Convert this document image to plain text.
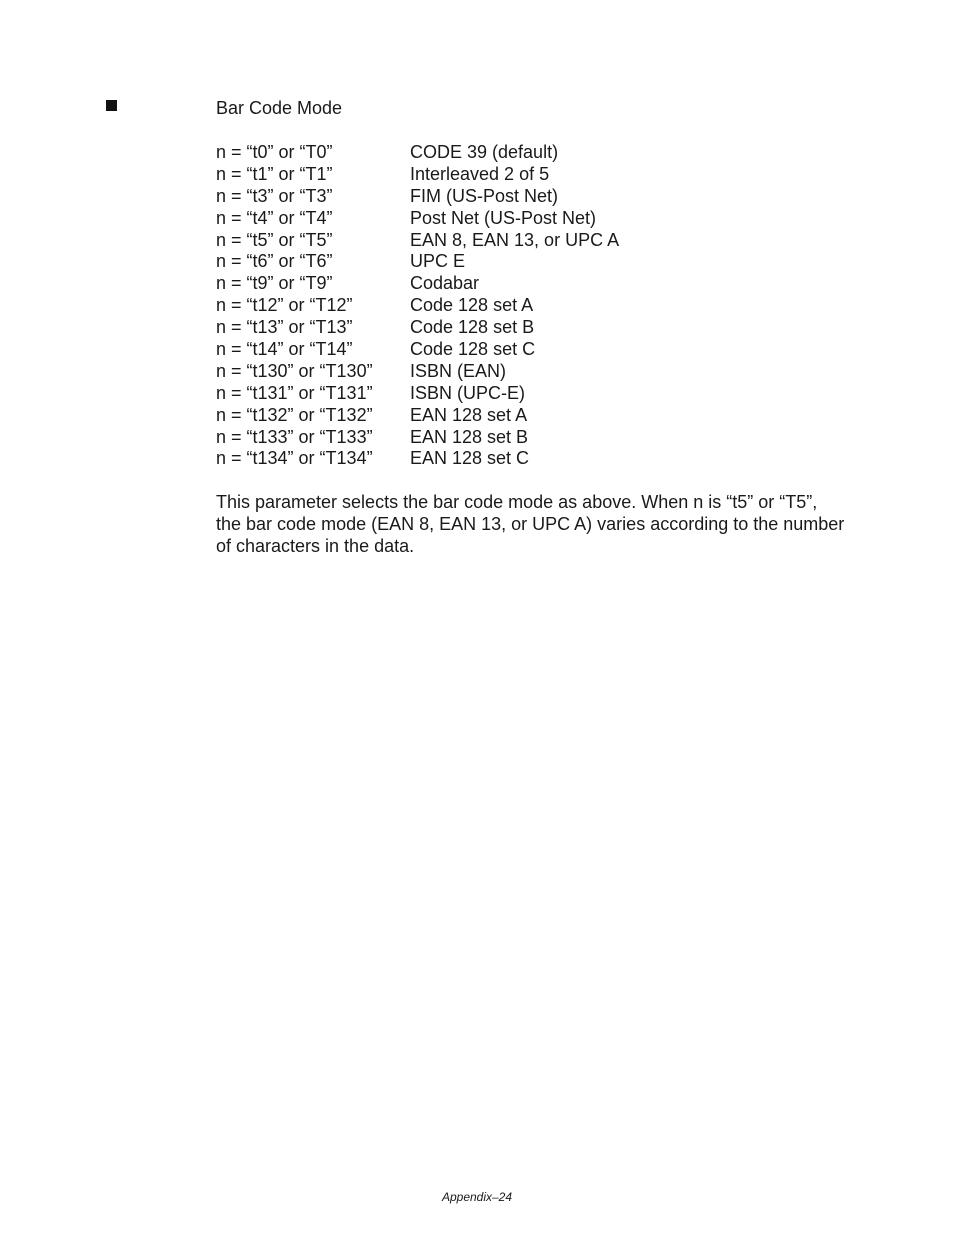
Bar Code Mode
n = “t0” or “T0”	CODE 39 (default)
n = “t1” or “T1”	Interleaved 2 of 5
n = “t3” or “T3”	FIM (US-Post Net)
n = “t4” or “T4”	Post Net (US-Post Net)
n = “t5” or “T5”	EAN 8, EAN 13, or UPC A
n = “t6” or “T6”	UPC E
n = “t9” or “T9”	Codabar
n = “t12” or “T12”	Code 128 set A
n = “t13” or “T13”	Code 128 set B
n = “t14” or “T14”	Code 128 set C
n = “t130” or “T130”	ISBN (EAN)
n = “t131” or “T131”	ISBN (UPC-E)
n = “t132” or “T132”	EAN 128 set A
n = “t133” or “T133”	EAN 128 set B
n = “t134” or “T134”	EAN 128 set C

This parameter selects the bar code mode as above. When n is “t5” or “T5”, the bar code mode (EAN 8, EAN 13, or UPC A) varies according to the number of characters in the data.

Appendix–24
